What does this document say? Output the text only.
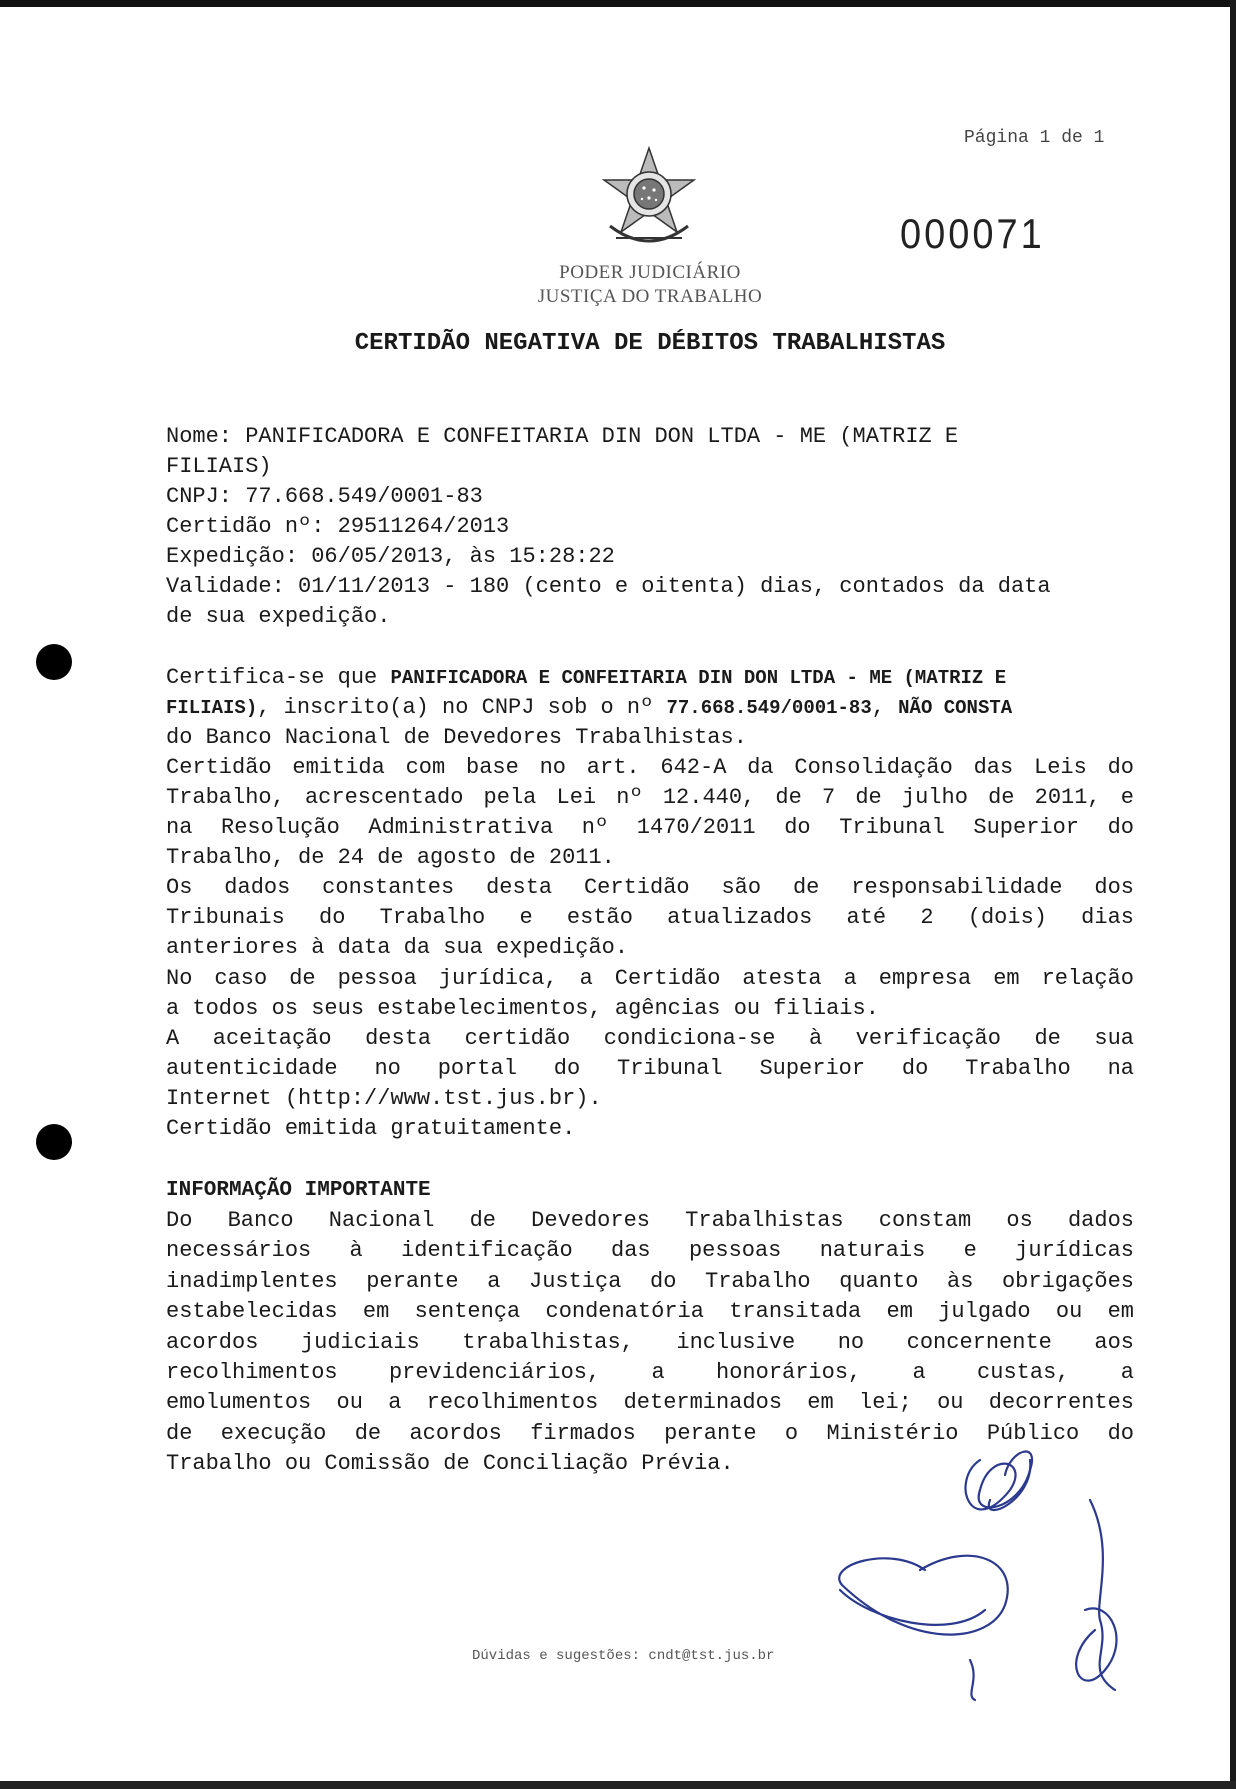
Página 1 de 1
000071
PODER JUDICIÁRIO
JUSTIÇA DO TRABALHO
CERTIDÃO NEGATIVA DE DÉBITOS TRABALHISTAS
Nome: PANIFICADORA E CONFEITARIA DIN DON LTDA - ME (MATRIZ E
FILIAIS)
CNPJ: 77.668.549/0001-83
Certidão nº: 29511264/2013
Expedição: 06/05/2013, às 15:28:22
Validade: 01/11/2013 - 180 (cento e oitenta) dias, contados da data
de sua expedição.
Certifica-se que PANIFICADORA E CONFEITARIA DIN DON LTDA - ME (MATRIZ E
FILIAIS), inscrito(a) no CNPJ sob o nº 77.668.549/0001-83, NÃO CONSTA
do Banco Nacional de Devedores Trabalhistas.
Certidão emitida com base no art. 642-A da Consolidação das Leis do
Trabalho, acrescentado pela Lei nº 12.440, de 7 de julho de 2011, e
na Resolução Administrativa nº 1470/2011 do Tribunal Superior do
Trabalho, de 24 de agosto de 2011.
Os dados constantes desta Certidão são de responsabilidade dos
Tribunais do Trabalho e estão atualizados até 2 (dois) dias
anteriores à data da sua expedição.
No caso de pessoa jurídica, a Certidão atesta a empresa em relação
a todos os seus estabelecimentos, agências ou filiais.
A aceitação desta certidão condiciona-se à verificação de sua
autenticidade no portal do Tribunal Superior do Trabalho na
Internet (http://www.tst.jus.br).
Certidão emitida gratuitamente.
INFORMAÇÃO IMPORTANTE
Do Banco Nacional de Devedores Trabalhistas constam os dados
necessários à identificação das pessoas naturais e jurídicas
inadimplentes perante a Justiça do Trabalho quanto às obrigações
estabelecidas em sentença condenatória transitada em julgado ou em
acordos judiciais trabalhistas, inclusive no concernente aos
recolhimentos previdenciários, a honorários, a custas, a
emolumentos ou a recolhimentos determinados em lei; ou decorrentes
de execução de acordos firmados perante o Ministério Público do
Trabalho ou Comissão de Conciliação Prévia.
Dúvidas e sugestões: cndt@tst.jus.br
